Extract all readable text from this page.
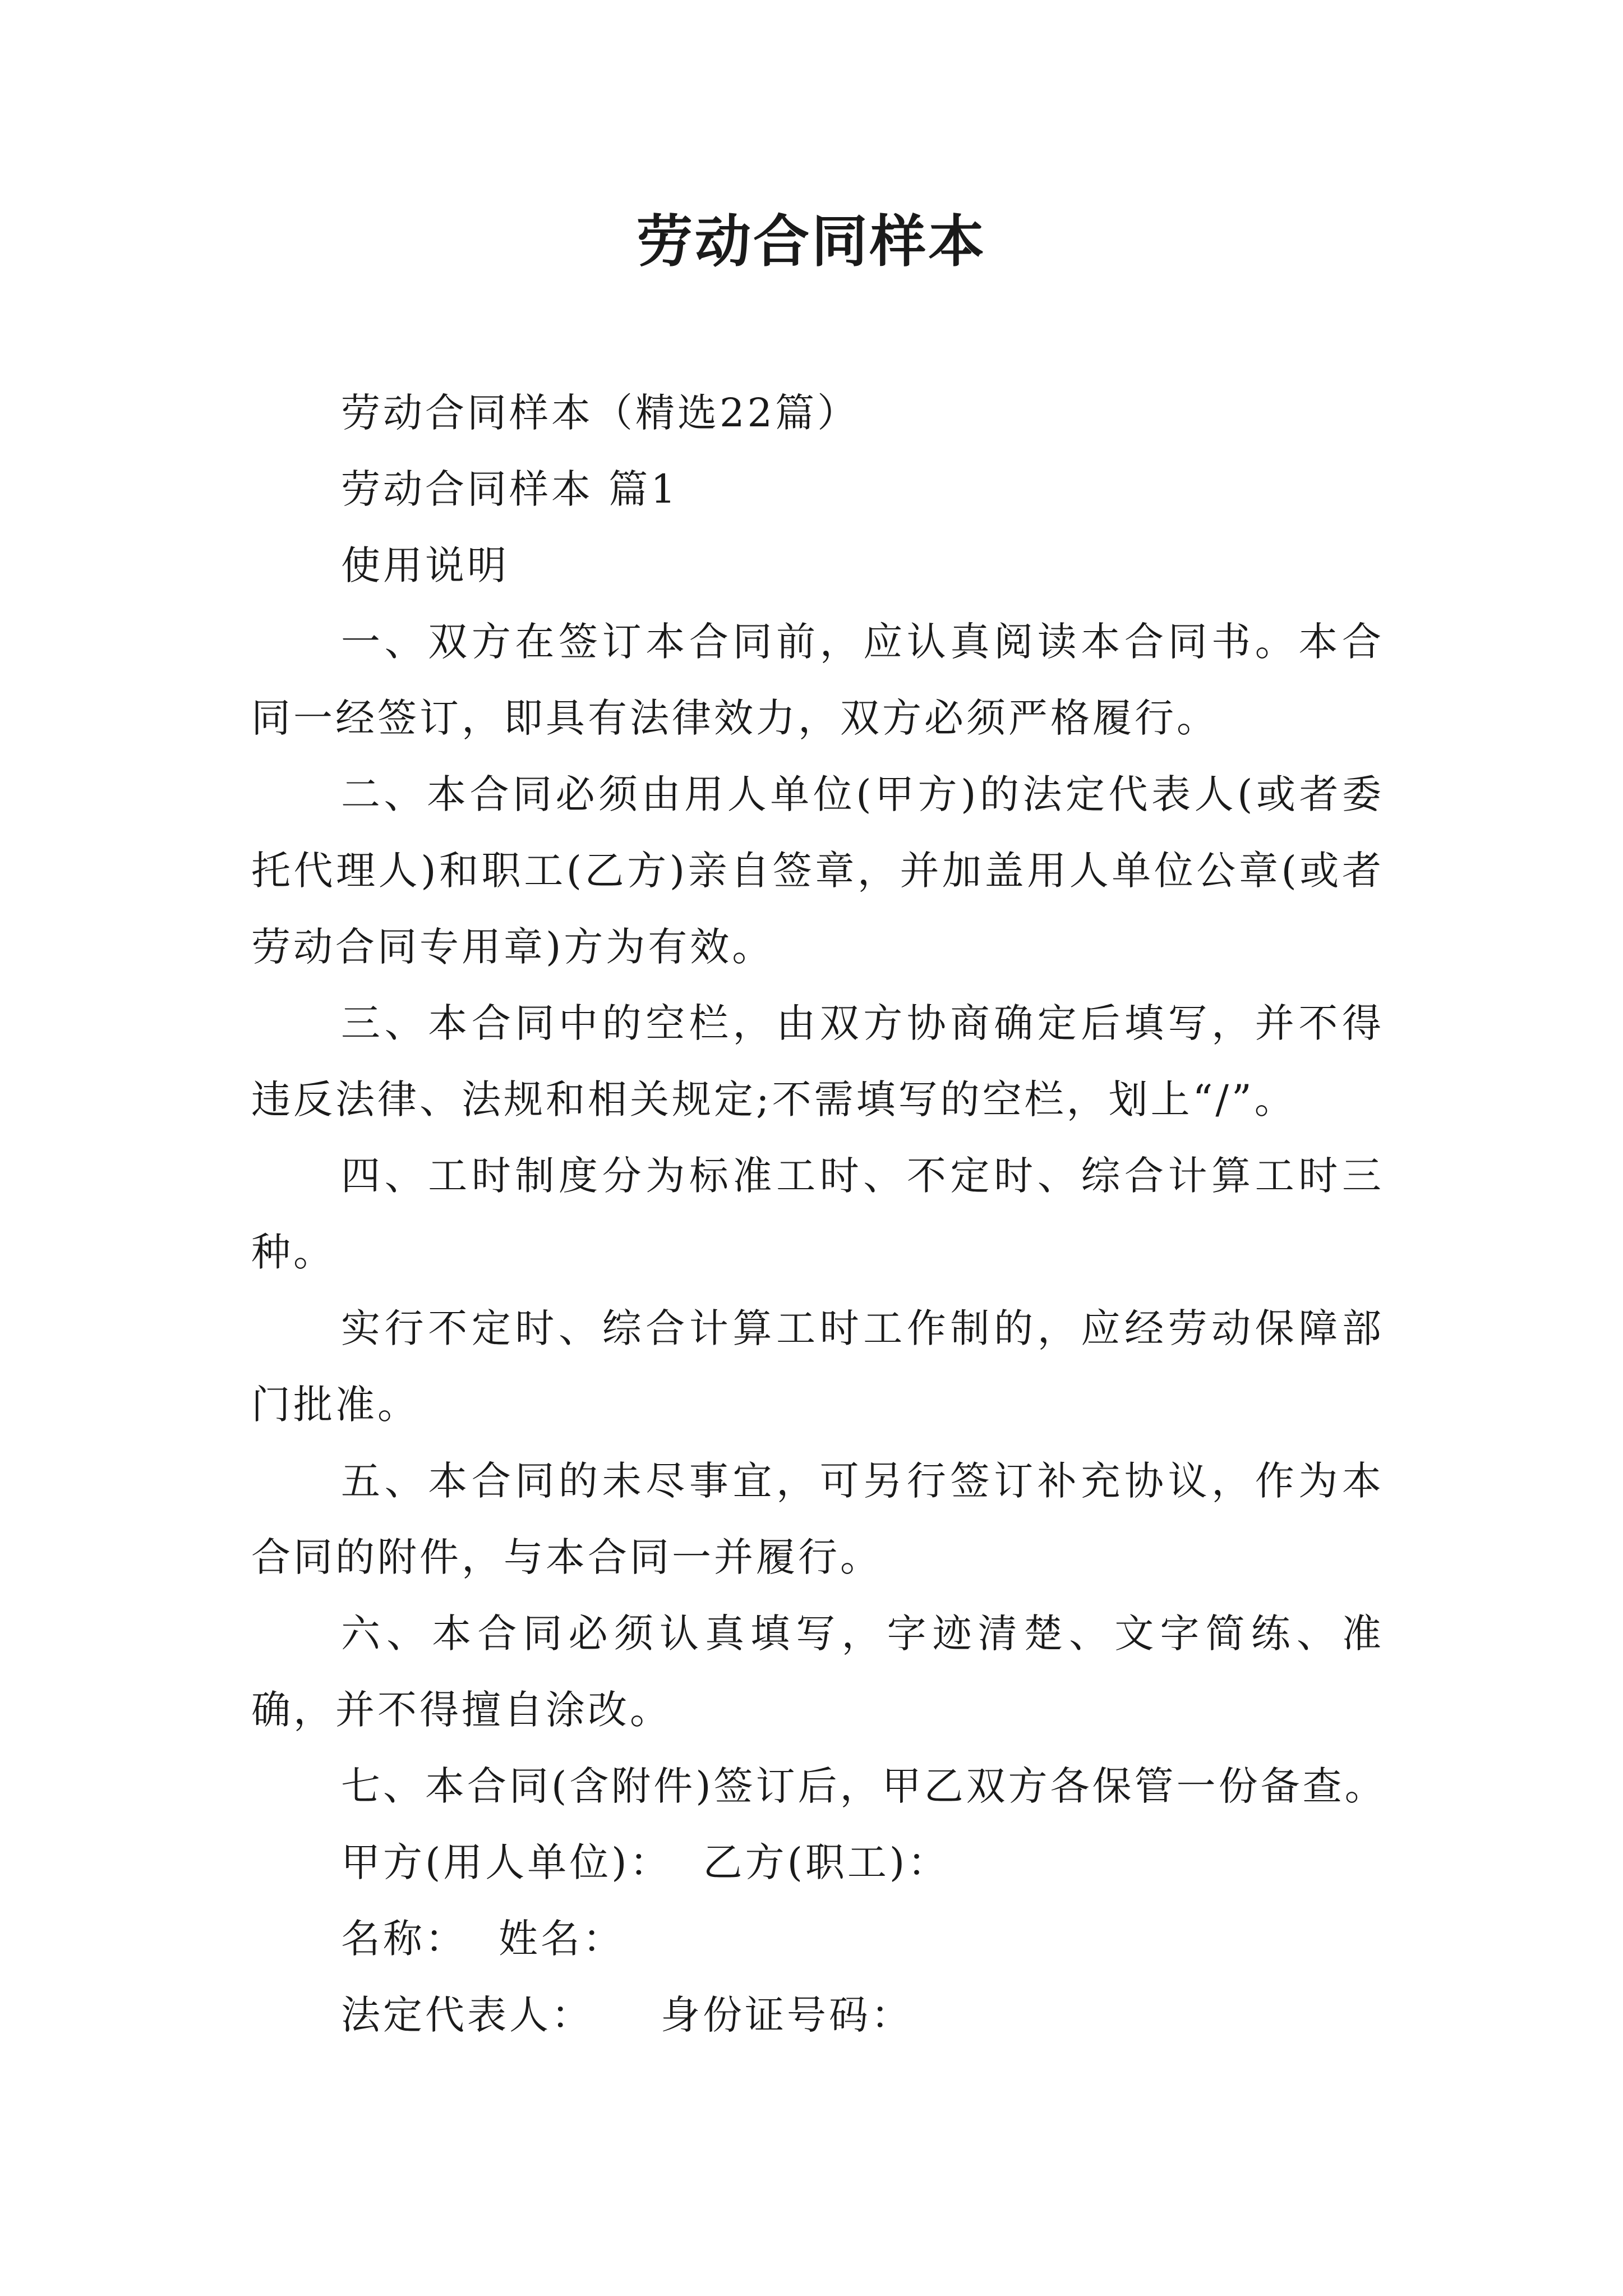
劳动合同样本

劳动合同样本（精选22篇）

劳动合同样本 篇1

使用说明

一、双方在签订本合同前，应认真阅读本合同书。本合同一经签订，即具有法律效力，双方必须严格履行。

二、本合同必须由用人单位(甲方)的法定代表人(或者委托代理人)和职工(乙方)亲自签章，并加盖用人单位公章(或者劳动合同专用章)方为有效。

三、本合同中的空栏，由双方协商确定后填写，并不得违反法律、法规和相关规定;不需填写的空栏，划上“/”。

四、工时制度分为标准工时、不定时、综合计算工时三种。

实行不定时、综合计算工时工作制的，应经劳动保障部门批准。

五、本合同的未尽事宜，可另行签订补充协议，作为本合同的附件，与本合同一并履行。

六、本合同必须认真填写，字迹清楚、文字简练、准确，并不得擅自涂改。

七、本合同(含附件)签订后，甲乙双方各保管一份备查。

甲方(用人单位)： 乙方(职工)：

名称： 姓名：

法定代表人： 身份证号码：
